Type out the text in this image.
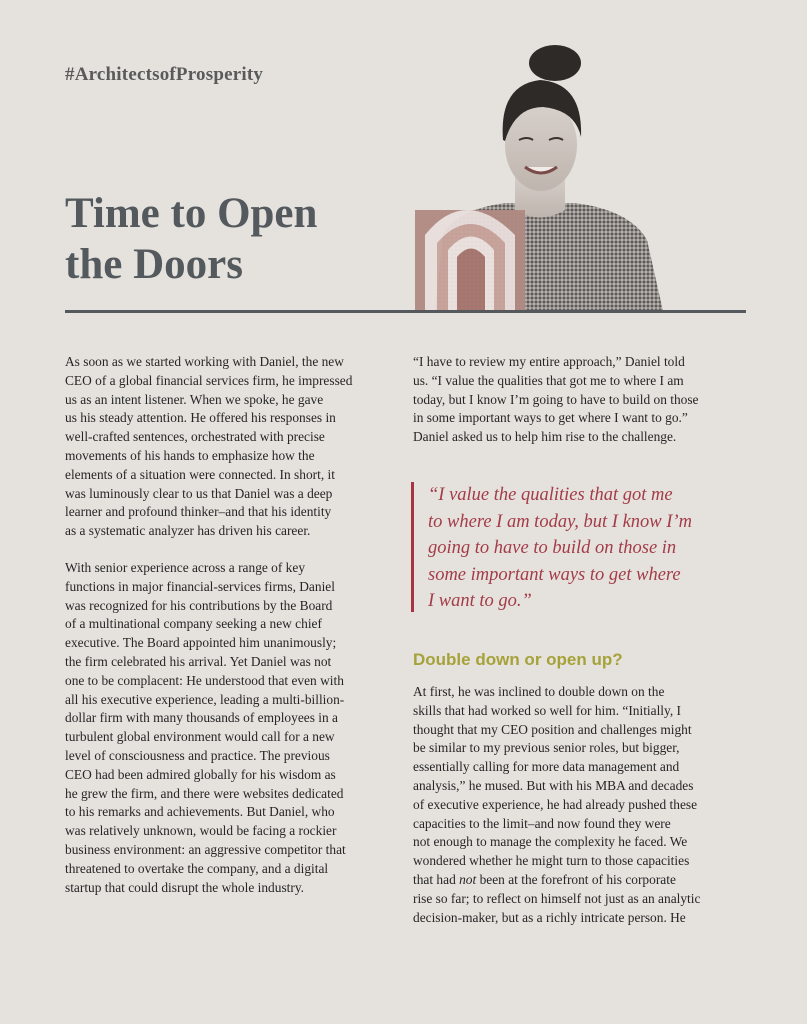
#ArchitectsofProsperity
Time to Open
the Doors

As soon as we started working with Daniel, the new
CEO of a global financial services firm, he impressed
us as an intent listener. When we spoke, he gave
us his steady attention. He offered his responses in
well-crafted sentences, orchestrated with precise
movements of his hands to emphasize how the
elements of a situation were connected. In short, it
was luminously clear to us that Daniel was a deep
learner and profound thinker–and that his identity
as a systematic analyzer has driven his career.

With senior experience across a range of key
functions in major financial-services firms, Daniel
was recognized for his contributions by the Board
of a multinational company seeking a new chief
executive. The Board appointed him unanimously;
the firm celebrated his arrival. Yet Daniel was not
one to be complacent: He understood that even with
all his executive experience, leading a multi-billion-
dollar firm with many thousands of employees in a
turbulent global environment would call for a new
level of consciousness and practice. The previous
CEO had been admired globally for his wisdom as
he grew the firm, and there were websites dedicated
to his remarks and achievements. But Daniel, who
was relatively unknown, would be facing a rockier
business environment: an aggressive competitor that
threatened to overtake the company, and a digital
startup that could disrupt the whole industry.

“I have to review my entire approach,” Daniel told
us. “I value the qualities that got me to where I am
today, but I know I’m going to have to build on those
in some important ways to get where I want to go.”
Daniel asked us to help him rise to the challenge.

“I value the qualities that got me
to where I am today, but I know I’m
going to have to build on those in
some important ways to get where
I want to go.”
Double down or open up?

At first, he was inclined to double down on the
skills that had worked so well for him. “Initially, I
thought that my CEO position and challenges might
be similar to my previous senior roles, but bigger,
essentially calling for more data management and
analysis,” he mused. But with his MBA and decades
of executive experience, he had already pushed these
capacities to the limit–and now found they were
not enough to manage the complexity he faced. We
wondered whether he might turn to those capacities
that had not been at the forefront of his corporate
rise so far; to reflect on himself not just as an analytic
decision-maker, but as a richly intricate person. He
